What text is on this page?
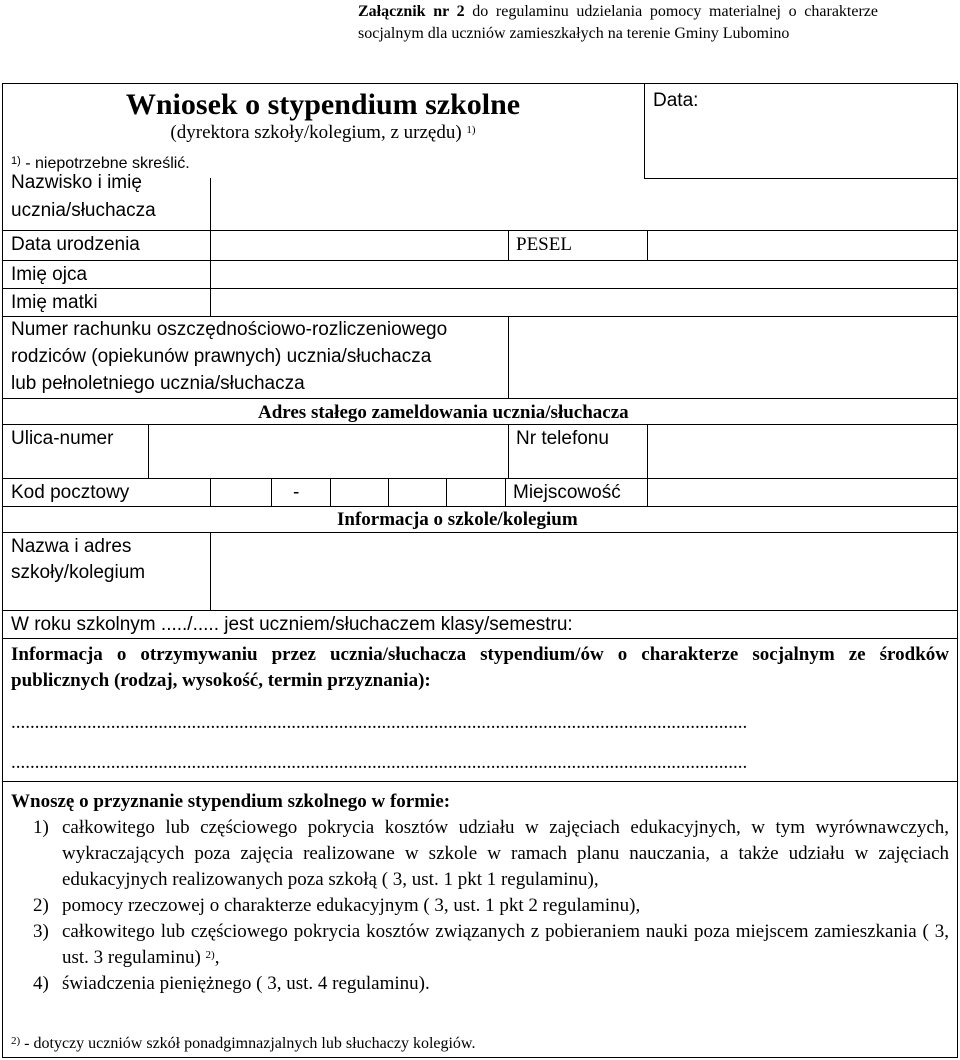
Załącznik nr 2 do regulaminu udzielania pomocy materialnej o charakterze socjalnym dla uczniów zamieszkałych na terenie Gminy Lubomino
Wniosek o stypendium szkolne
(dyrektora szkoły/kolegium, z urzędu) $^{1)}$
$^{1)}$ - niepotrzebne skreślić.
Data:
Nazwisko i imię
ucznia/słuchacza
Data urodzenia	PESEL
Imię ojca
Imię matki
Numer rachunku oszczędnościowo-rozliczeniowego
rodziców (opiekunów prawnych) ucznia/słuchacza
lub pełnoletniego ucznia/słuchacza
Adres stałego zameldowania ucznia/słuchacza
Ulica-numer	Nr telefonu
Kod pocztowy	-	Miejscowość
Informacja o szkole/kolegium
Nazwa i adres
szkoły/kolegium
W roku szkolnym ...../..... jest uczniem/słuchaczem klasy/semestru:
Informacja o otrzymywaniu przez ucznia/słuchacza stypendium/ów o charakterze socjalnym ze środków publicznych (rodzaj, wysokość, termin przyznania):
...........................................................................................................................................................
...........................................................................................................................................................
Wnoszę o przyznanie stypendium szkolnego w formie:

1) całkowitego lub częściowego pokrycia kosztów udziału w zajęciach edukacyjnych, w tym wyrównawczych, wykraczających poza zajęcia realizowane w szkole w ramach planu nauczania, a także udziału w zajęciach edukacyjnych realizowanych poza szkołą ( 3, ust. 1 pkt 1 regulaminu),

2) pomocy rzeczowej o charakterze edukacyjnym ( 3, ust. 1 pkt 2 regulaminu),

3) całkowitego lub częściowego pokrycia kosztów związanych z pobieraniem nauki poza miejscem zamieszkania ( 3, ust. 3 regulaminu) $^{2)}$,

4) świadczenia pieniężnego ( 3, ust. 4 regulaminu).

$^{2)}$ - dotyczy uczniów szkół ponadgimnazjalnych lub słuchaczy kolegiów.
